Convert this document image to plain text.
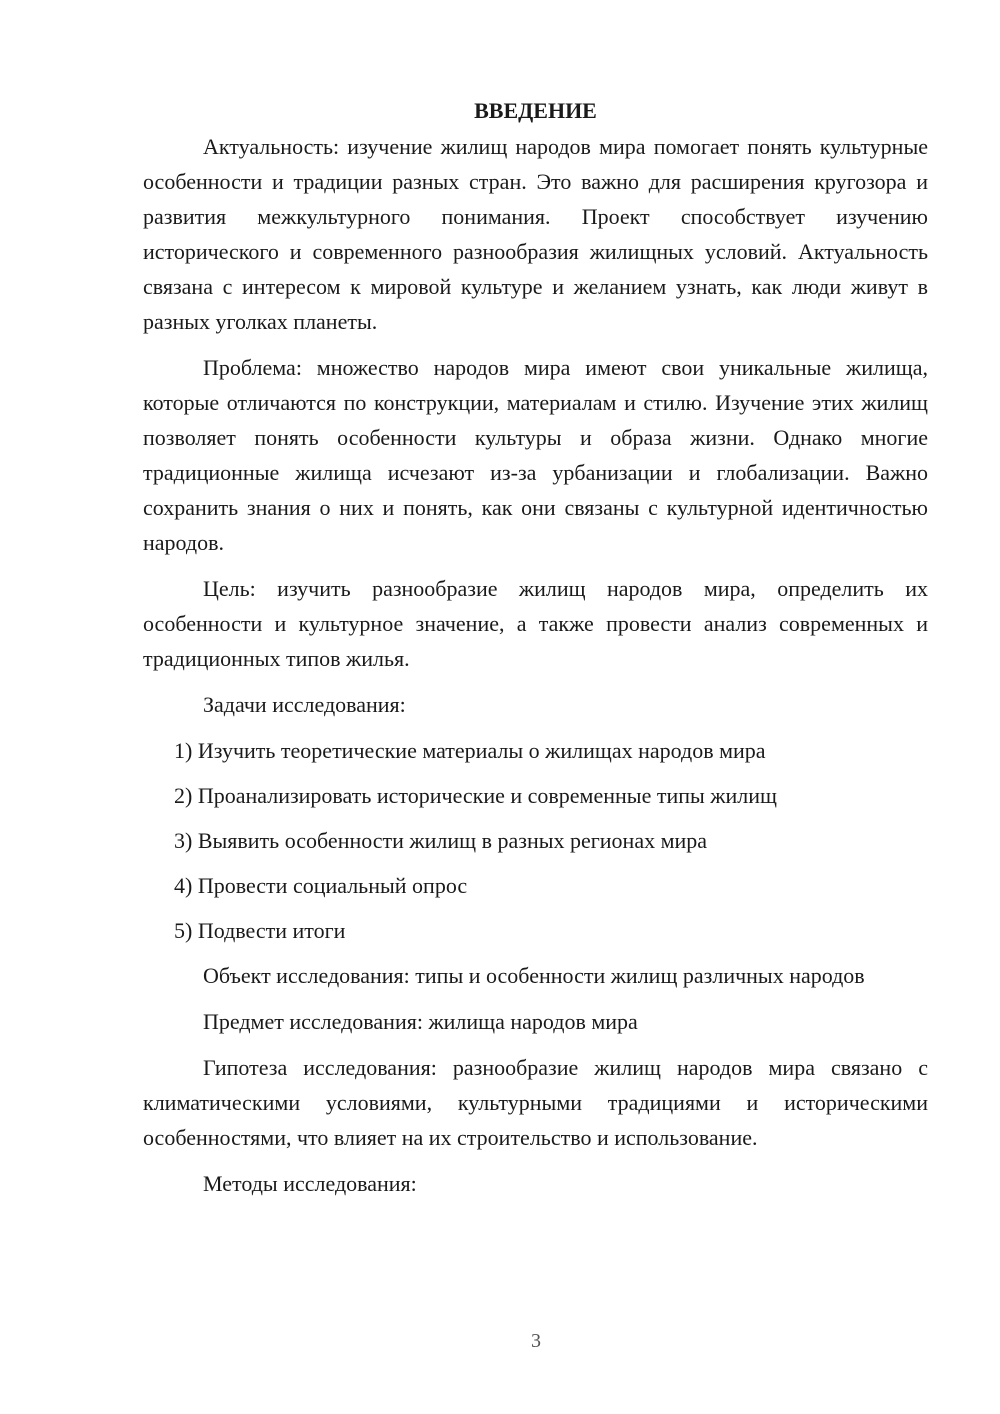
ВВЕДЕНИЕ

Актуальность: изучение жилищ народов мира помогает понять культурные особенности и традиции разных стран. Это важно для расширения кругозора и развития межкультурного понимания. Проект способствует изучению исторического и современного разнообразия жилищных условий. Актуальность связана с интересом к мировой культуре и желанием узнать, как люди живут в разных уголках планеты.

Проблема: множество народов мира имеют свои уникальные жилища, которые отличаются по конструкции, материалам и стилю. Изучение этих жилищ позволяет понять особенности культуры и образа жизни. Однако многие традиционные жилища исчезают из-за урбанизации и глобализации. Важно сохранить знания о них и понять, как они связаны с культурной идентичностью народов.

Цель: изучить разнообразие жилищ народов мира, определить их особенности и культурное значение, а также провести анализ современных и традиционных типов жилья.

Задачи исследования:

1) Изучить теоретические материалы о жилищах народов мира

2) Проанализировать исторические и современные типы жилищ

3) Выявить особенности жилищ в разных регионах мира

4) Провести социальный опрос

5) Подвести итоги

Объект исследования: типы и особенности жилищ различных народов

Предмет исследования: жилища народов мира

Гипотеза исследования: разнообразие жилищ народов мира связано с климатическими условиями, культурными традициями и историческими особенностями, что влияет на их строительство и использование.

Методы исследования:

3
